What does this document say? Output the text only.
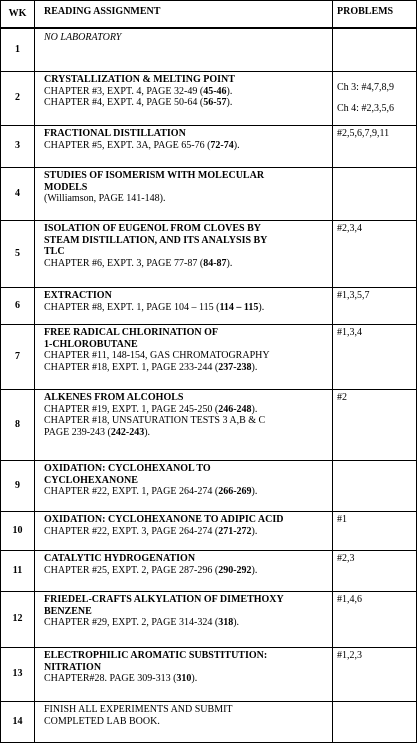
WK	READING ASSIGNMENT	PROBLEMS
1
NO LABORATORY
2
CRYSTALLIZATION & MELTING POINT
CHAPTER #3, EXPT. 4, PAGE 32-49 (45-46).
CHAPTER #4, EXPT. 4, PAGE 50-64 (56-57).
Ch 3: #4,7,8,9
Ch 4: #2,3,5,6
3
FRACTIONAL DISTILLATION
CHAPTER #5, EXPT. 3A, PAGE 65-76 (72-74).
#2,5,6,7,9,11
4
STUDIES OF ISOMERISM WITH MOLECULAR
MODELS
(Williamson, PAGE 141-148).
5
ISOLATION OF EUGENOL FROM CLOVES BY
STEAM DISTILLATION, AND ITS ANALYSIS BY
TLC
CHAPTER #6, EXPT. 3, PAGE 77-87 (84-87).
#2,3,4
6
EXTRACTION
CHAPTER #8, EXPT. 1, PAGE 104 – 115 (114 – 115).
#1,3,5,7
7
FREE RADICAL CHLORINATION OF
1-CHLOROBUTANE
CHAPTER #11, 148-154, GAS CHROMATOGRAPHY
CHAPTER #18, EXPT. 1, PAGE 233-244 (237-238).
#1,3,4
8
ALKENES FROM ALCOHOLS
CHAPTER #19, EXPT. 1, PAGE 245-250 (246-248).
CHAPTER #18, UNSATURATION TESTS 3 A,B & C
PAGE 239-243 (242-243).
#2
9
OXIDATION: CYCLOHEXANOL TO
CYCLOHEXANONE
CHAPTER #22, EXPT. 1, PAGE 264-274 (266-269).
10
OXIDATION: CYCLOHEXANONE TO ADIPIC ACID
CHAPTER #22, EXPT. 3, PAGE 264-274 (271-272).
#1
11
CATALYTIC HYDROGENATION
CHAPTER #25, EXPT. 2, PAGE 287-296 (290-292).
#2,3
12
FRIEDEL-CRAFTS ALKYLATION OF DIMETHOXY
BENZENE
CHAPTER #29, EXPT. 2, PAGE 314-324 (318).
#1,4,6
13
ELECTROPHILIC AROMATIC SUBSTITUTION:
NITRATION
CHAPTER#28. PAGE 309-313 (310).
#1,2,3
14
FINISH ALL EXPERIMENTS AND SUBMIT
COMPLETED LAB BOOK.
